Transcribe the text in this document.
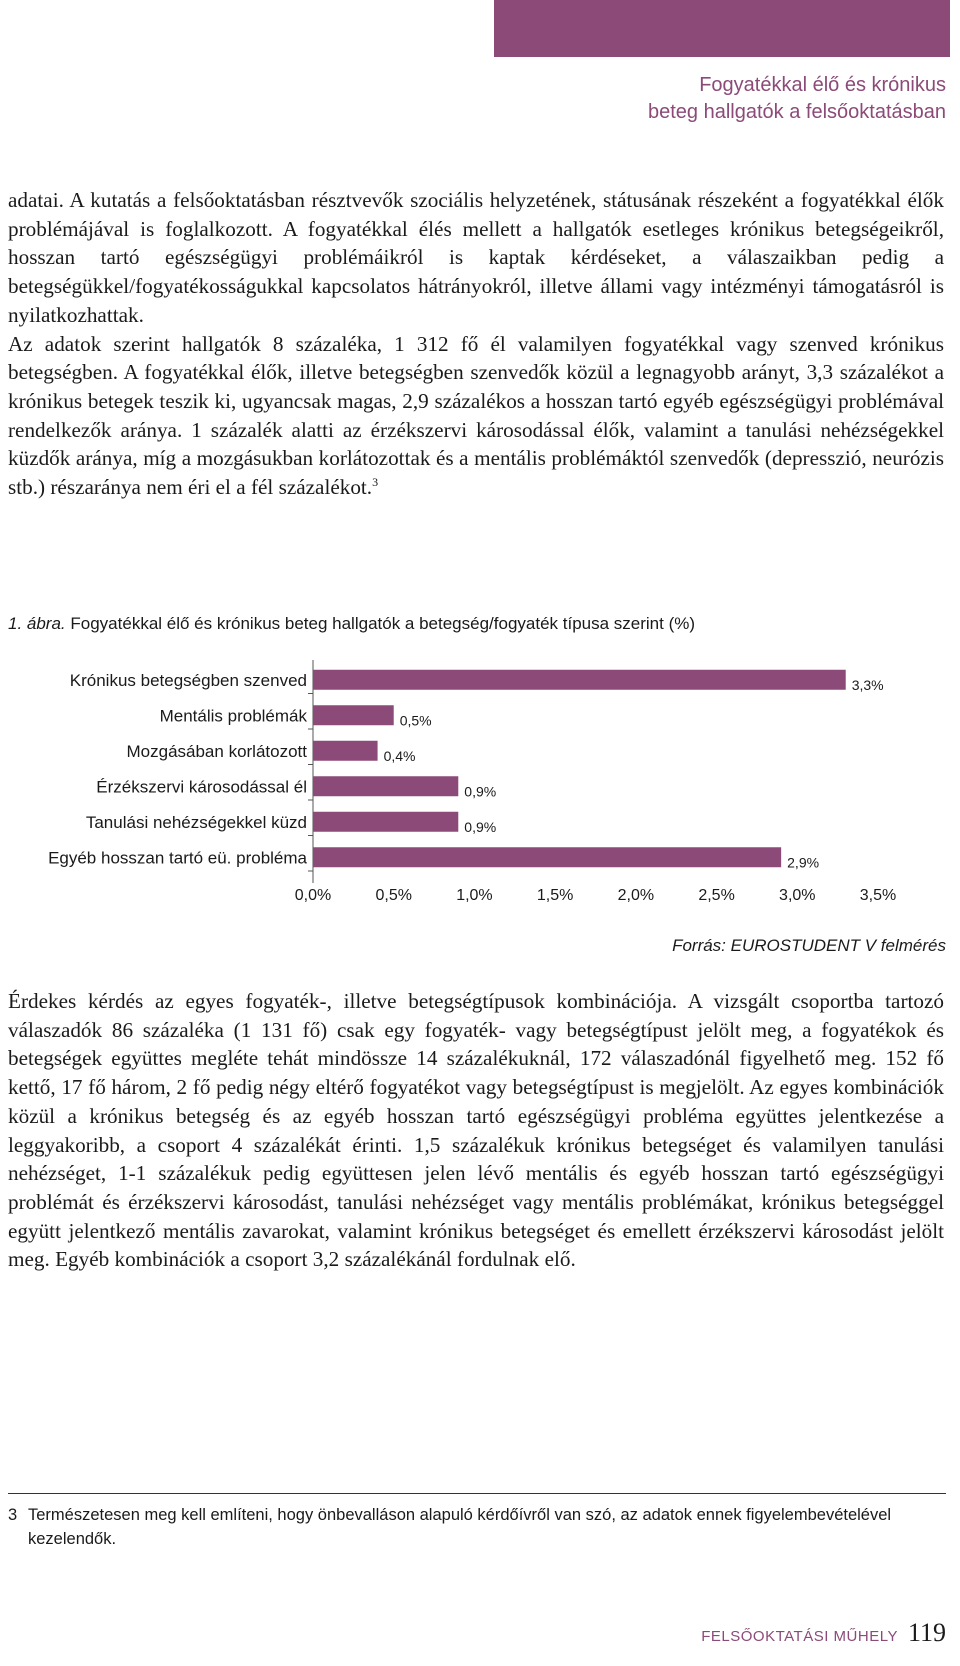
Fogyatékkal élő és krónikus
beteg hallgatók a felsőoktatásban

adatai. A kutatás a felsőoktatásban résztvevők szociális helyzetének, státusának részeként a fogyatékkal élők problémájával is foglalkozott. A fogyatékkal élés mellett a hallgatók esetleges krónikus betegségeikről, hosszan tartó egészségügyi problémáikról is kaptak kérdéseket, a válaszaikban pedig a betegségükkel/fogyatékosságukkal kapcsolatos hátrányokról, illetve állami vagy intézményi támogatásról is nyilatkozhattak.

Az adatok szerint hallgatók 8 százaléka, 1 312 fő él valamilyen fogyatékkal vagy szenved krónikus betegségben. A fogyatékkal élők, illetve betegségben szenvedők közül a legnagyobb arányt, 3,3 százalékot a krónikus betegek teszik ki, ugyancsak magas, 2,9 százalékos a hosszan tartó egyéb egészségügyi problémával rendelkezők aránya. 1 százalék alatti az érzékszervi károsodással élők, valamint a tanulási nehézségekkel küzdők aránya, míg a mozgásukban korlátozottak és a mentális problémáktól szenvedők (depresszió, neurózis stb.) részaránya nem éri el a fél százalékot.$^3$

1. ábra. Fogyatékkal élő és krónikus beteg hallgatók a betegség/fogyaték típusa szerint (%)
Krónikus betegségben szenved	3,3%
Mentális problémák	0,5%
Mozgásában korlátozott	0,4%
Érzékszervi károsodással él	0,9%
Tanulási nehézségekkel küzd	0,9%
Egyéb hosszan tartó eü. probléma	2,9%
0,0%	0,5%	1,0%	1,5%	2,0%	2,5%	3,0%	3,5%
Forrás: EUROSTUDENT V felmérés

Érdekes kérdés az egyes fogyaték-, illetve betegségtípusok kombinációja. A vizsgált csoportba tartozó válaszadók 86 százaléka (1 131 fő) csak egy fogyaték- vagy betegségtípust jelölt meg, a fogyatékok és betegségek együttes megléte tehát mindössze 14 százalékuknál, 172 válaszadónál figyelhető meg. 152 fő kettő, 17 fő három, 2 fő pedig négy eltérő fogyatékot vagy betegségtípust is megjelölt. Az egyes kombinációk közül a krónikus betegség és az egyéb hosszan tartó egészségügyi probléma együttes jelentkezése a leggyakoribb, a csoport 4 százalékát érinti. 1,5 százalékuk krónikus betegséget és valamilyen tanulási nehézséget, 1-1 százalékuk pedig együttesen jelen lévő mentális és egyéb hosszan tartó egészségügyi problémát és érzékszervi károsodást, tanulási nehézséget vagy mentális problémákat, krónikus betegséggel együtt jelentkező mentális zavarokat, valamint krónikus betegséget és emellett érzékszervi károsodást jelölt meg. Egyéb kombinációk a csoport 3,2 százalékánál fordulnak elő.

3 Természetesen meg kell említeni, hogy önbevalláson alapuló kérdőívről van szó, az adatok ennek figyelembevételével kezelendők.
FELSŐOKTATÁSI MŰHELY 119
